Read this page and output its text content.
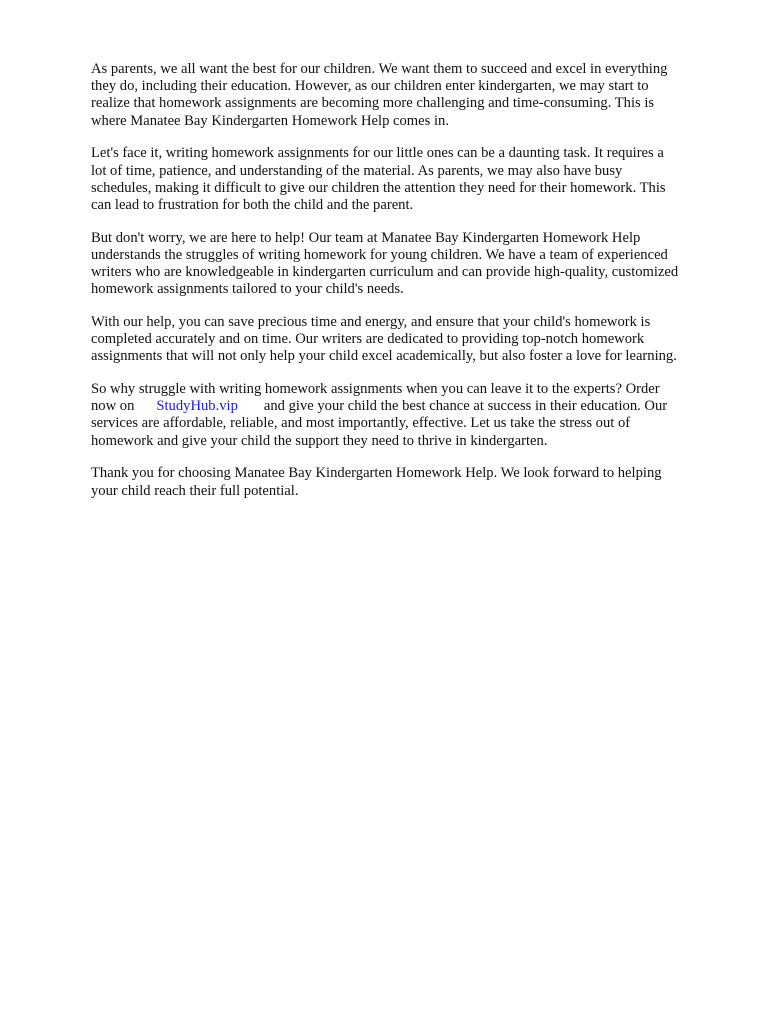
As parents, we all want the best for our children. We want them to succeed and excel in everything
they do, including their education. However, as our children enter kindergarten, we may start to
realize that homework assignments are becoming more challenging and time-consuming. This is
where Manatee Bay Kindergarten Homework Help comes in.

Let's face it, writing homework assignments for our little ones can be a daunting task. It requires a
lot of time, patience, and understanding of the material. As parents, we may also have busy
schedules, making it difficult to give our children the attention they need for their homework. This
can lead to frustration for both the child and the parent.

But don't worry, we are here to help! Our team at Manatee Bay Kindergarten Homework Help
understands the struggles of writing homework for young children. We have a team of experienced
writers who are knowledgeable in kindergarten curriculum and can provide high-quality, customized
homework assignments tailored to your child's needs.

With our help, you can save precious time and energy, and ensure that your child's homework is
completed accurately and on time. Our writers are dedicated to providing top-notch homework
assignments that will not only help your child excel academically, but also foster a love for learning.

So why struggle with writing homework assignments when you can leave it to the experts? Order
now on StudyHub.vip and give your child the best chance at success in their education. Our
services are affordable, reliable, and most importantly, effective. Let us take the stress out of
homework and give your child the support they need to thrive in kindergarten.

Thank you for choosing Manatee Bay Kindergarten Homework Help. We look forward to helping
your child reach their full potential.
